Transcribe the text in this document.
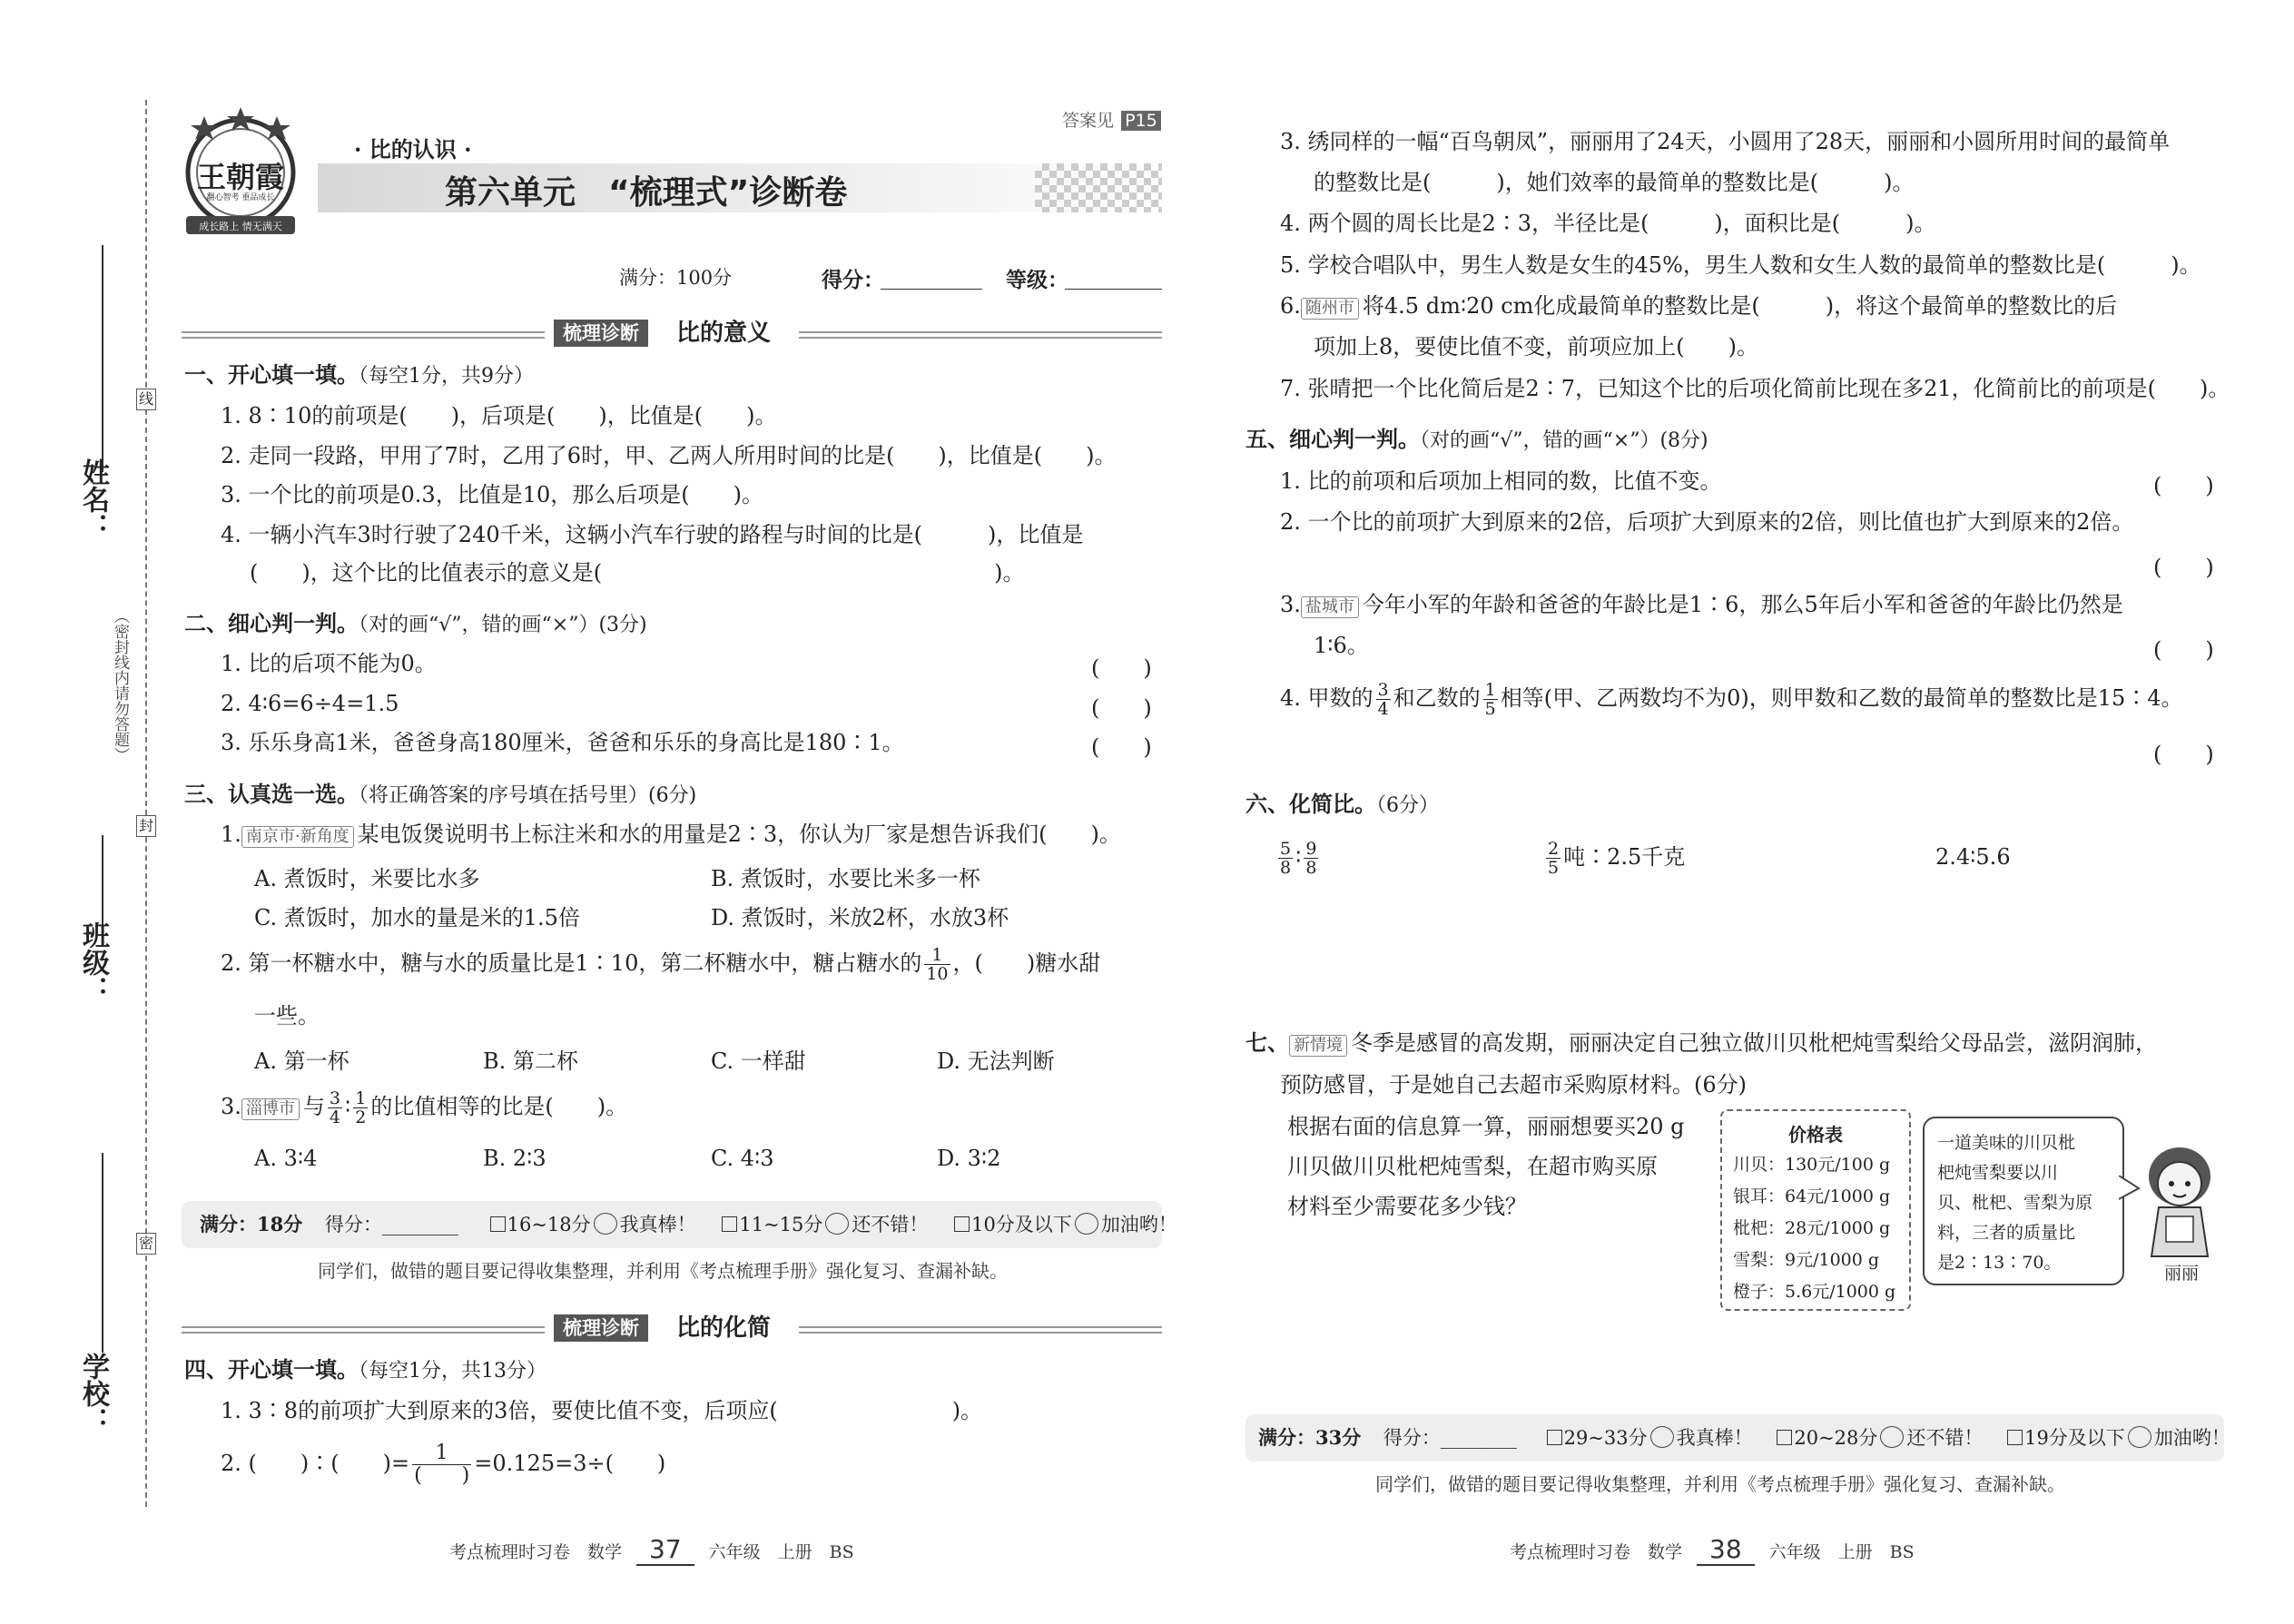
姓名：
（密封线内请勿答题）
班级：
学校：
线
封
密
王朝霞
翻心智考 重品成长
成长路上 情无满天
· 比的认识 ·
第六单元　“梳理式”诊断卷
答案见 P15
满分：100分	得分：	等级：
梳理诊断	比的意义
一、开心填一填。（每空1分，共9分）
1. 8∶10的前项是(　　)，后项是(　　)，比值是(　　)。
2. 走同一段路，甲用了7时，乙用了6时，甲、乙两人所用时间的比是(　　)，比值是(　　)。
3. 一个比的前项是0.3，比值是10，那么后项是(　　)。
4. 一辆小汽车3时行驶了240千米，这辆小汽车行驶的路程与时间的比是(　　　)，比值是
(　　)，这个比的比值表示的意义是(　　　　　　　　　　　　　　　　　　)。
二、细心判一判。（对的画“√”，错的画“×”）(3分)
1. 比的后项不能为0。	(　　)
2. 4∶6=6÷4=1.5	(　　)
3. 乐乐身高1米，爸爸身高180厘米，爸爸和乐乐的身高比是180∶1。	(　　)
三、认真选一选。（将正确答案的序号填在括号里）(6分)
1. 南京市·新角度 某电饭煲说明书上标注米和水的用量是2∶3，你认为厂家是想告诉我们(　　)。
A. 煮饭时，米要比水多	B. 煮饭时，水要比米多一杯
C. 煮饭时，加水的量是米的1.5倍	D. 煮饭时，米放2杯，水放3杯
2. 第一杯糖水中，糖与水的质量比是1∶10，第二杯糖水中，糖占糖水的 $\frac{1}{10}$ ，(　　)糖水甜
一些。
A. 第一杯	B. 第二杯	C. 一样甜	D. 无法判断
3. 淄博市 与 $\frac{3}{4}$ ∶ $\frac{1}{2}$ 的比值相等的比是(　　)。
A. 3∶4	B. 2∶3	C. 4∶3	D. 3∶2
满分：18分 得分：________	16~18分 我真棒！ 11~15分 还不错！ 10分及以下 加油哟！
同学们，做错的题目要记得收集整理，并利用《考点梳理手册》强化复习、查漏补缺。
梳理诊断	比的化简
四、开心填一填。（每空1分，共13分）
1. 3∶8的前项扩大到原来的3倍，要使比值不变，后项应(　　　　　　　　)。
2. (　　)∶(　　)= $\frac{1}{( )} =0.125=3\div$(　　)
考点梳理时习卷　数学 37 六年级　上册　BS
3. 绣同样的一幅“百鸟朝凤”，丽丽用了24天，小圆用了28天，丽丽和小圆所用时间的最简单
的整数比是(　　　)，她们效率的最简单的整数比是(　　　)。
4. 两个圆的周长比是2∶3，半径比是(　　　)，面积比是(　　　)。
5. 学校合唱队中，男生人数是女生的45%，男生人数和女生人数的最简单的整数比是(　　　)。
6. 随州市 将4.5 dm∶20 cm化成最简单的整数比是(　　　)，将这个最简单的整数比的后
项加上8，要使比值不变，前项应加上(　　)。
7. 张晴把一个比化简后是2∶7，已知这个比的后项化简前比现在多21，化简前比的前项是(　　)。
五、细心判一判。（对的画“√”，错的画“×”）(8分)
1. 比的前项和后项加上相同的数，比值不变。	(　　)
2. 一个比的前项扩大到原来的2倍，后项扩大到原来的2倍，则比值也扩大到原来的2倍。
(　　)
3. 盐城市 今年小军的年龄和爸爸的年龄比是1∶6，那么5年后小军和爸爸的年龄比仍然是
1∶6。	(　　)
4. 甲数的 $\frac{3}{4}$ 和乙数的 $\frac{1}{5}$ 相等(甲、乙两数均不为0)，则甲数和乙数的最简单的整数比是15∶4。
(　　)
六、化简比。（6分）
$\frac{5}{8}$ ∶ $\frac{9}{8}$	$\frac{2}{5}$ 吨∶2.5千克	2.4∶5.6
七、 新情境 冬季是感冒的高发期，丽丽决定自己独立做川贝枇杷炖雪梨给父母品尝，滋阴润肺，
预防感冒，于是她自己去超市采购原材料。(6分)
根据右面的信息算一算，丽丽想要买20 g
川贝做川贝枇杷炖雪梨，在超市购买原
材料至少需要花多少钱？
价格表
川贝：130元/100 g
银耳：64元/1000 g
枇杷：28元/1000 g
雪梨：9元/1000 g
橙子：5.6元/1000 g
一道美味的川贝枇
杷炖雪梨要以川
贝、枇杷、雪梨为原
料，三者的质量比
是2∶13∶70。
丽丽
满分：33分 得分：________ 29~33分 我真棒！ 20~28分 还不错！ 19分及以下 加油哟！
同学们，做错的题目要记得收集整理，并利用《考点梳理手册》强化复习、查漏补缺。
考点梳理时习卷　数学 38 六年级　上册　BS
